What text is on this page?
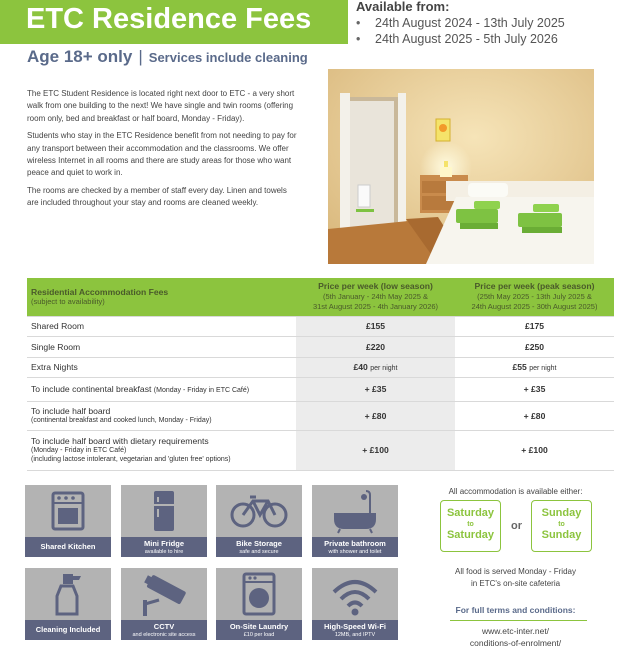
ETC Residence Fees	Available from:
• 24th August 2024 - 13th July 2025
• 24th August 2025 - 5th July 2026
Age 18+ only | Services include cleaning

The ETC Student Residence is located right next door to ETC - a very short walk from one building to the next! We have single and twin rooms (offering room only, bed and breakfast or half board, Monday - Friday).

Students who stay in the ETC Residence benefit from not needing to pay for any transport between their accommodation and the classrooms. We offer wireless Internet in all rooms and there are study areas for those who want peace and quiet to work in.

The rooms are checked by a member of staff every day. Linen and towels are included throughout your stay and rooms are cleaned weekly.

Residential Accommodation Fees
(subject to availability)	Price per week (low season)
(5th January - 24th May 2025 &
31st August 2025 - 4th January 2026)	Price per week (peak season)
(25th May 2025 - 13th July 2025 &
24th August 2025 - 30th August 2025)

Shared Room	£155	£175
Single Room	£220	£250
Extra Nights	£40 per night	£55 per night
To include continental breakfast (Monday - Friday in ETC Café)	+ £35	+ £35
To include half board
(continental breakfast and cooked lunch, Monday - Friday)	+ £80	+ £80
To include half board with dietary requirements
(Monday - Friday in ETC Café)
(including lactose intolerant, vegetarian and 'gluten free' options)	+ £100	+ £100
Shared Kitchen	Mini Fridge
available to hire
Bike Storage
safe and secure
Private bathroom
with shower and toilet
Cleaning Included	CCTV
and electronic site access
On-Site Laundry
£10 per load
High-Speed Wi-Fi
12MB, and IPTV
All accommodation is available either:
Saturday
to
Saturday
or
Sunday
to
Sunday
All food is served Monday - Friday
in ETC's on-site cafeteria
For full terms and conditions:
www.etc-inter.net/
conditions-of-enrolment/
